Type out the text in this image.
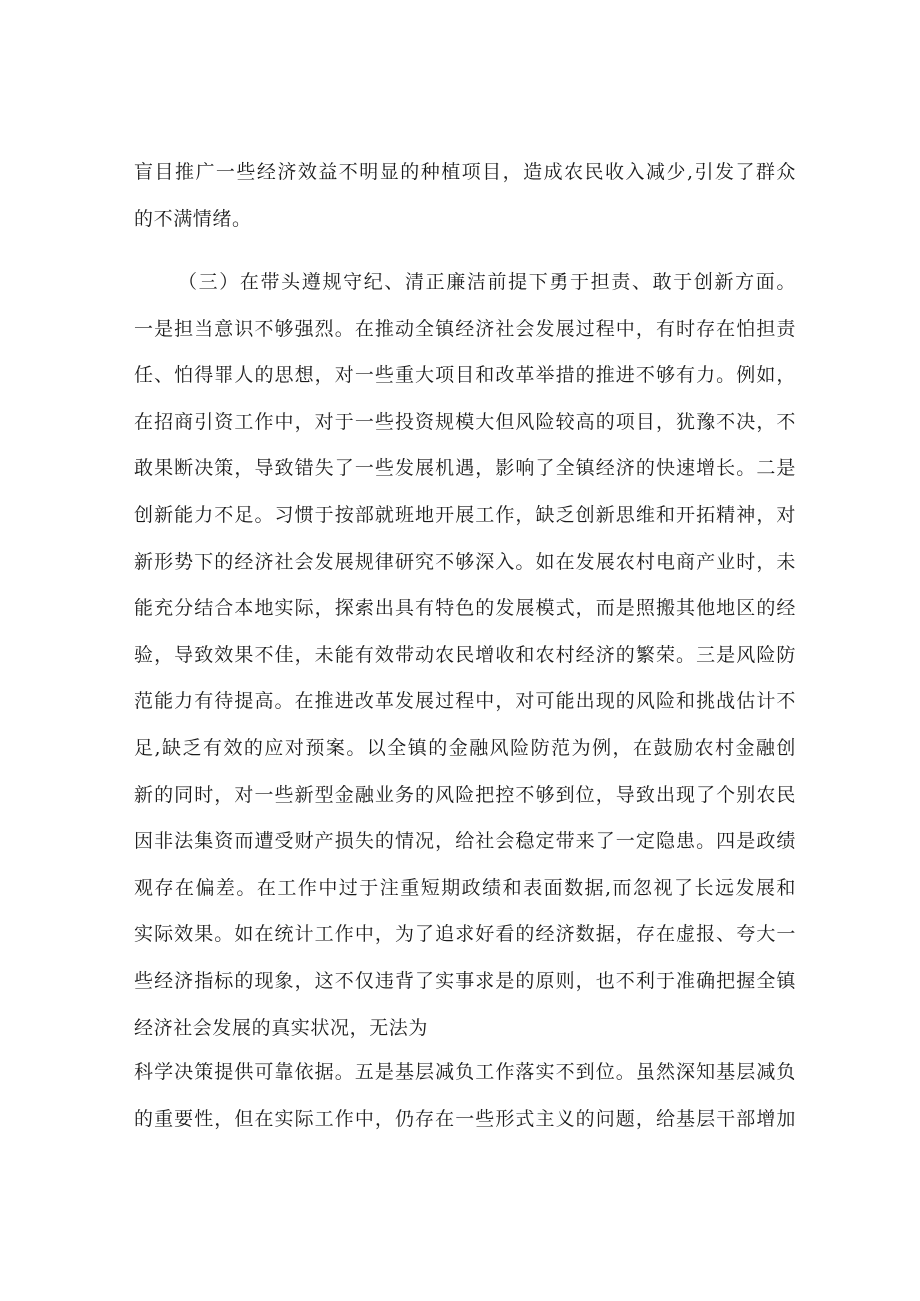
盲目推广一些经济效益不明显的种植项目，造成农民收入减少,引发了群众
的不满情绪。
（三）在带头遵规守纪、清正廉洁前提下勇于担责、敢于创新方面。
一是担当意识不够强烈。在推动全镇经济社会发展过程中，有时存在怕担责
任、怕得罪人的思想，对一些重大项目和改革举措的推进不够有力。例如，
在招商引资工作中，对于一些投资规模大但风险较高的项目，犹豫不决，不
敢果断决策，导致错失了一些发展机遇，影响了全镇经济的快速增长。二是
创新能力不足。习惯于按部就班地开展工作，缺乏创新思维和开拓精神，对
新形势下的经济社会发展规律研究不够深入。如在发展农村电商产业时，未
能充分结合本地实际，探索出具有特色的发展模式，而是照搬其他地区的经
验，导致效果不佳，未能有效带动农民增收和农村经济的繁荣。三是风险防
范能力有待提高。在推进改革发展过程中，对可能出现的风险和挑战估计不
足,缺乏有效的应对预案。以全镇的金融风险防范为例，在鼓励农村金融创
新的同时，对一些新型金融业务的风险把控不够到位，导致出现了个别农民
因非法集资而遭受财产损失的情况，给社会稳定带来了一定隐患。四是政绩
观存在偏差。在工作中过于注重短期政绩和表面数据,而忽视了长远发展和
实际效果。如在统计工作中，为了追求好看的经济数据，存在虚报、夸大一
些经济指标的现象，这不仅违背了实事求是的原则，也不利于准确把握全镇
经济社会发展的真实状况，无法为
科学决策提供可靠依据。五是基层减负工作落实不到位。虽然深知基层减负
的重要性，但在实际工作中，仍存在一些形式主义的问题，给基层干部增加
